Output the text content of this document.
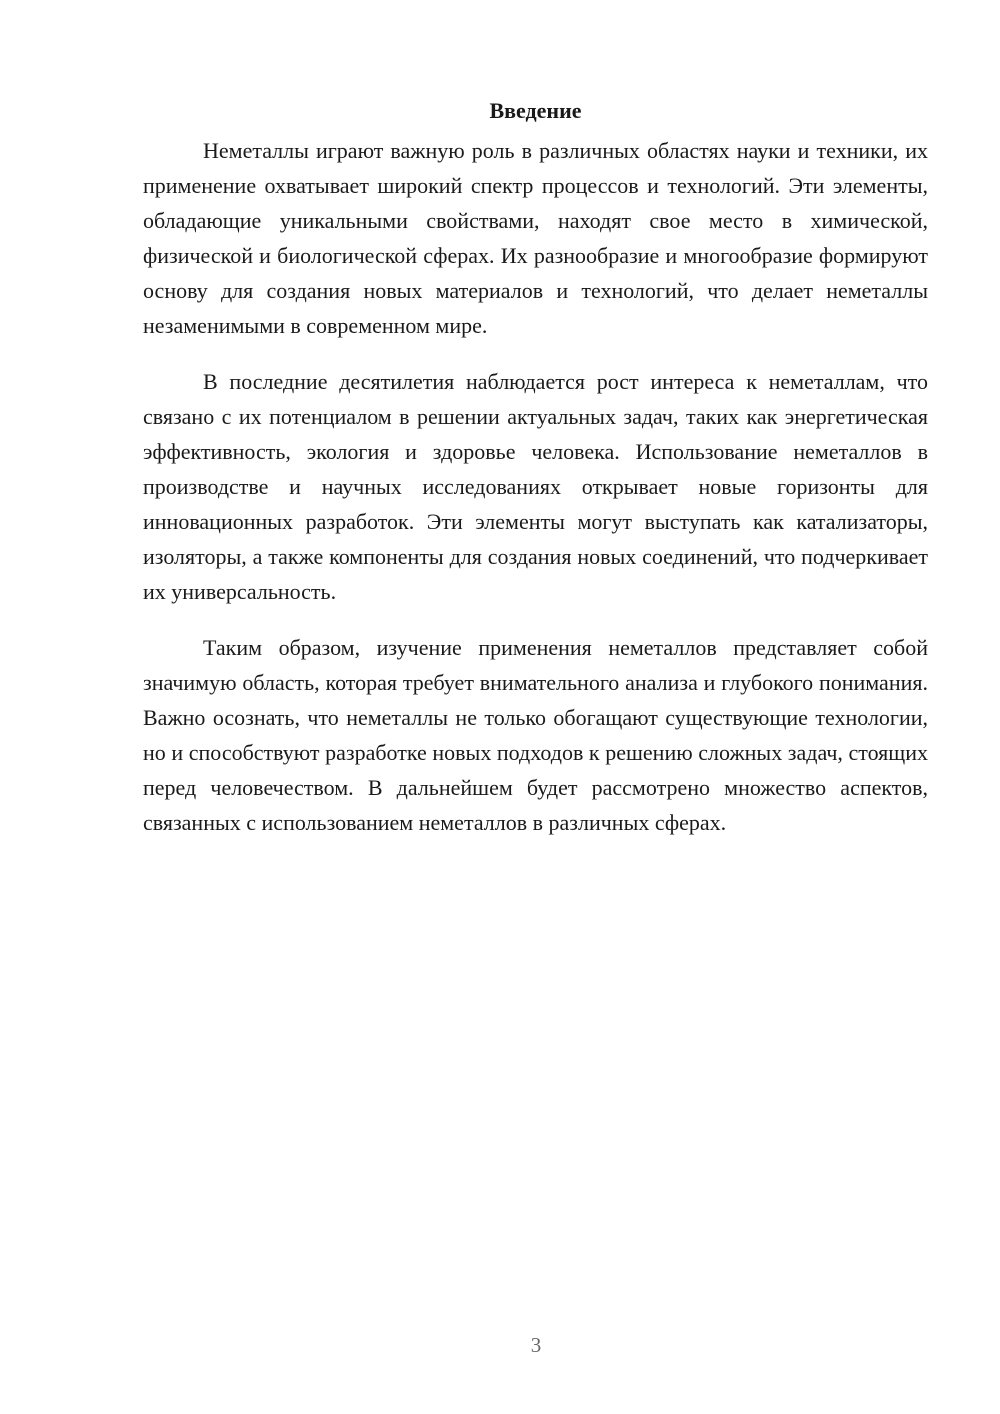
Введение

Неметаллы играют важную роль в различных областях науки и техники, их применение охватывает широкий спектр процессов и технологий. Эти элементы, обладающие уникальными свойствами, находят свое место в химической, физической и биологической сферах. Их разнообразие и многообразие формируют основу для создания новых материалов и технологий, что делает неметаллы незаменимыми в современном мире.

В последние десятилетия наблюдается рост интереса к неметаллам, что связано с их потенциалом в решении актуальных задач, таких как энергетическая эффективность, экология и здоровье человека. Использование неметаллов в производстве и научных исследованиях открывает новые горизонты для инновационных разработок. Эти элементы могут выступать как катализаторы, изоляторы, а также компоненты для создания новых соединений, что подчеркивает их универсальность.

Таким образом, изучение применения неметаллов представляет собой значимую область, которая требует внимательного анализа и глубокого понимания. Важно осознать, что неметаллы не только обогащают существующие технологии, но и способствуют разработке новых подходов к решению сложных задач, стоящих перед человечеством. В дальнейшем будет рассмотрено множество аспектов, связанных с использованием неметаллов в различных сферах.

3
